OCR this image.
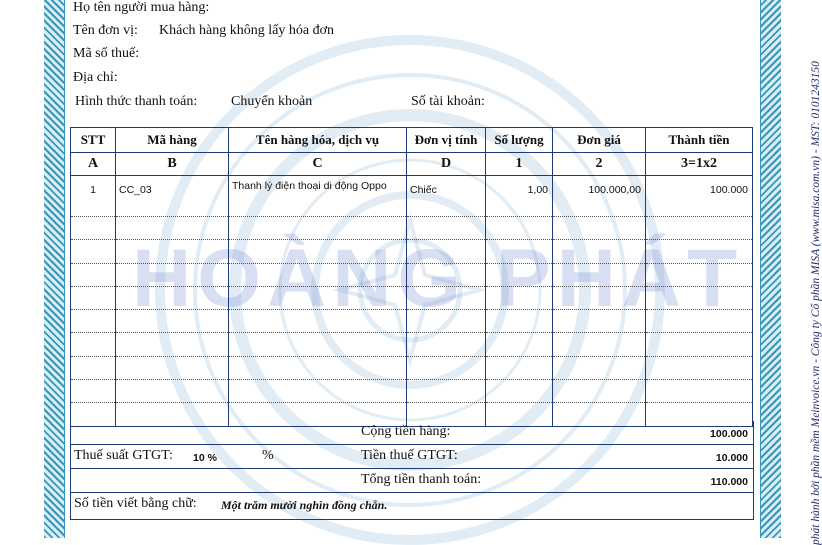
phát hành bởi phần mềm Meinvoice.vn - Công ty Cổ phần MISA (www.misa.com.vn) - MST: 0101243150
HOÀNG PHÁT
Họ tên người mua hàng:
Tên đơn vị: Khách hàng không lấy hóa đơn
Mã số thuế:
Địa chỉ:
Hình thức thanh toán: Chuyển khoản	Số tài khoản:
STT	Mã hàng	Tên hàng hóa, dịch vụ	Đơn vị tính	Số lượng	Đơn giá	Thành tiền
A	B	C	D	1	2	3=1x2
1	CC_03	Thanh lý điện thoại di động Oppo	Chiếc	1,00	100.000,00	100.000

Cộng tiền hàng:	100.000
Thuế suất GTGT: 10 %	%	Tiền thuế GTGT:	10.000
Tổng tiền thanh toán:	110.000
Số tiền viết bằng chữ: Một trăm mười nghìn đồng chẵn.
